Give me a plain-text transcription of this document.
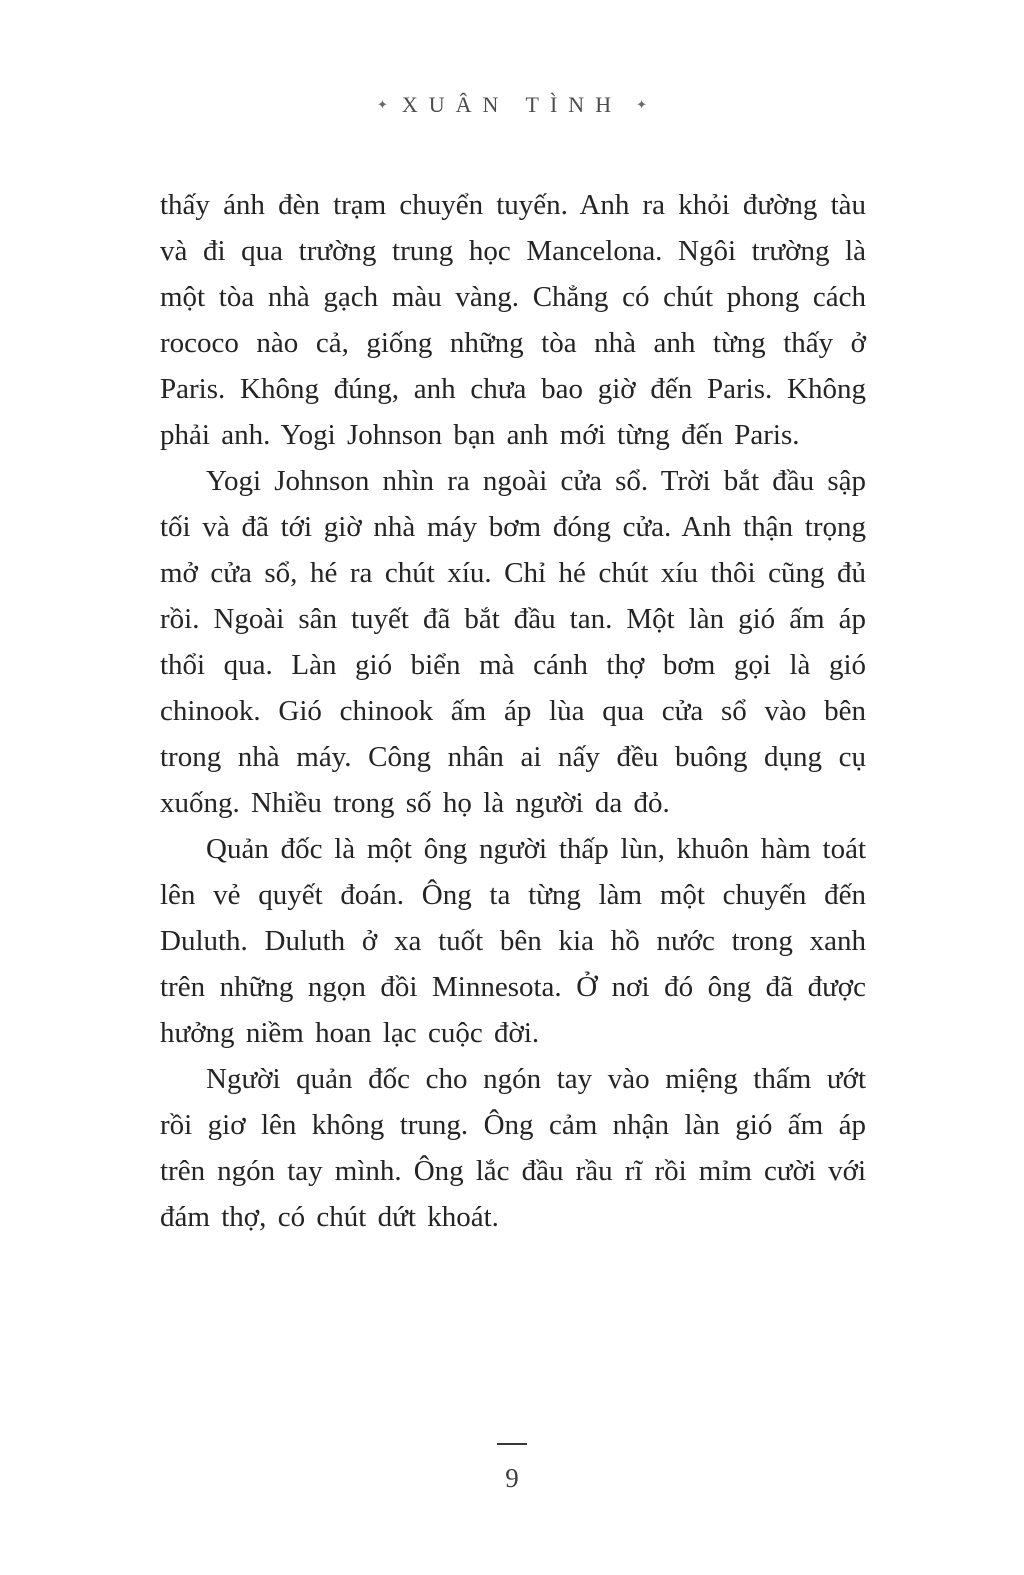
✦ XUÂN TÌNH ✦

thấy ánh đèn trạm chuyển tuyến. Anh ra khỏi đường tàu và đi qua trường trung học Mancelona. Ngôi trường là một tòa nhà gạch màu vàng. Chẳng có chút phong cách rococo nào cả, giống những tòa nhà anh từng thấy ở Paris. Không đúng, anh chưa bao giờ đến Paris. Không phải anh. Yogi Johnson bạn anh mới từng đến Paris.

Yogi Johnson nhìn ra ngoài cửa sổ. Trời bắt đầu sập tối và đã tới giờ nhà máy bơm đóng cửa. Anh thận trọng mở cửa sổ, hé ra chút xíu. Chỉ hé chút xíu thôi cũng đủ rồi. Ngoài sân tuyết đã bắt đầu tan. Một làn gió ấm áp thổi qua. Làn gió biển mà cánh thợ bơm gọi là gió chinook. Gió chinook ấm áp lùa qua cửa sổ vào bên trong nhà máy. Công nhân ai nấy đều buông dụng cụ xuống. Nhiều trong số họ là người da đỏ.

Quản đốc là một ông người thấp lùn, khuôn hàm toát lên vẻ quyết đoán. Ông ta từng làm một chuyến đến Duluth. Duluth ở xa tuốt bên kia hồ nước trong xanh trên những ngọn đồi Minnesota. Ở nơi đó ông đã được hưởng niềm hoan lạc cuộc đời.

Người quản đốc cho ngón tay vào miệng thấm ướt rồi giơ lên không trung. Ông cảm nhận làn gió ấm áp trên ngón tay mình. Ông lắc đầu rầu rĩ rồi mỉm cười với đám thợ, có chút dứt khoát.

9
